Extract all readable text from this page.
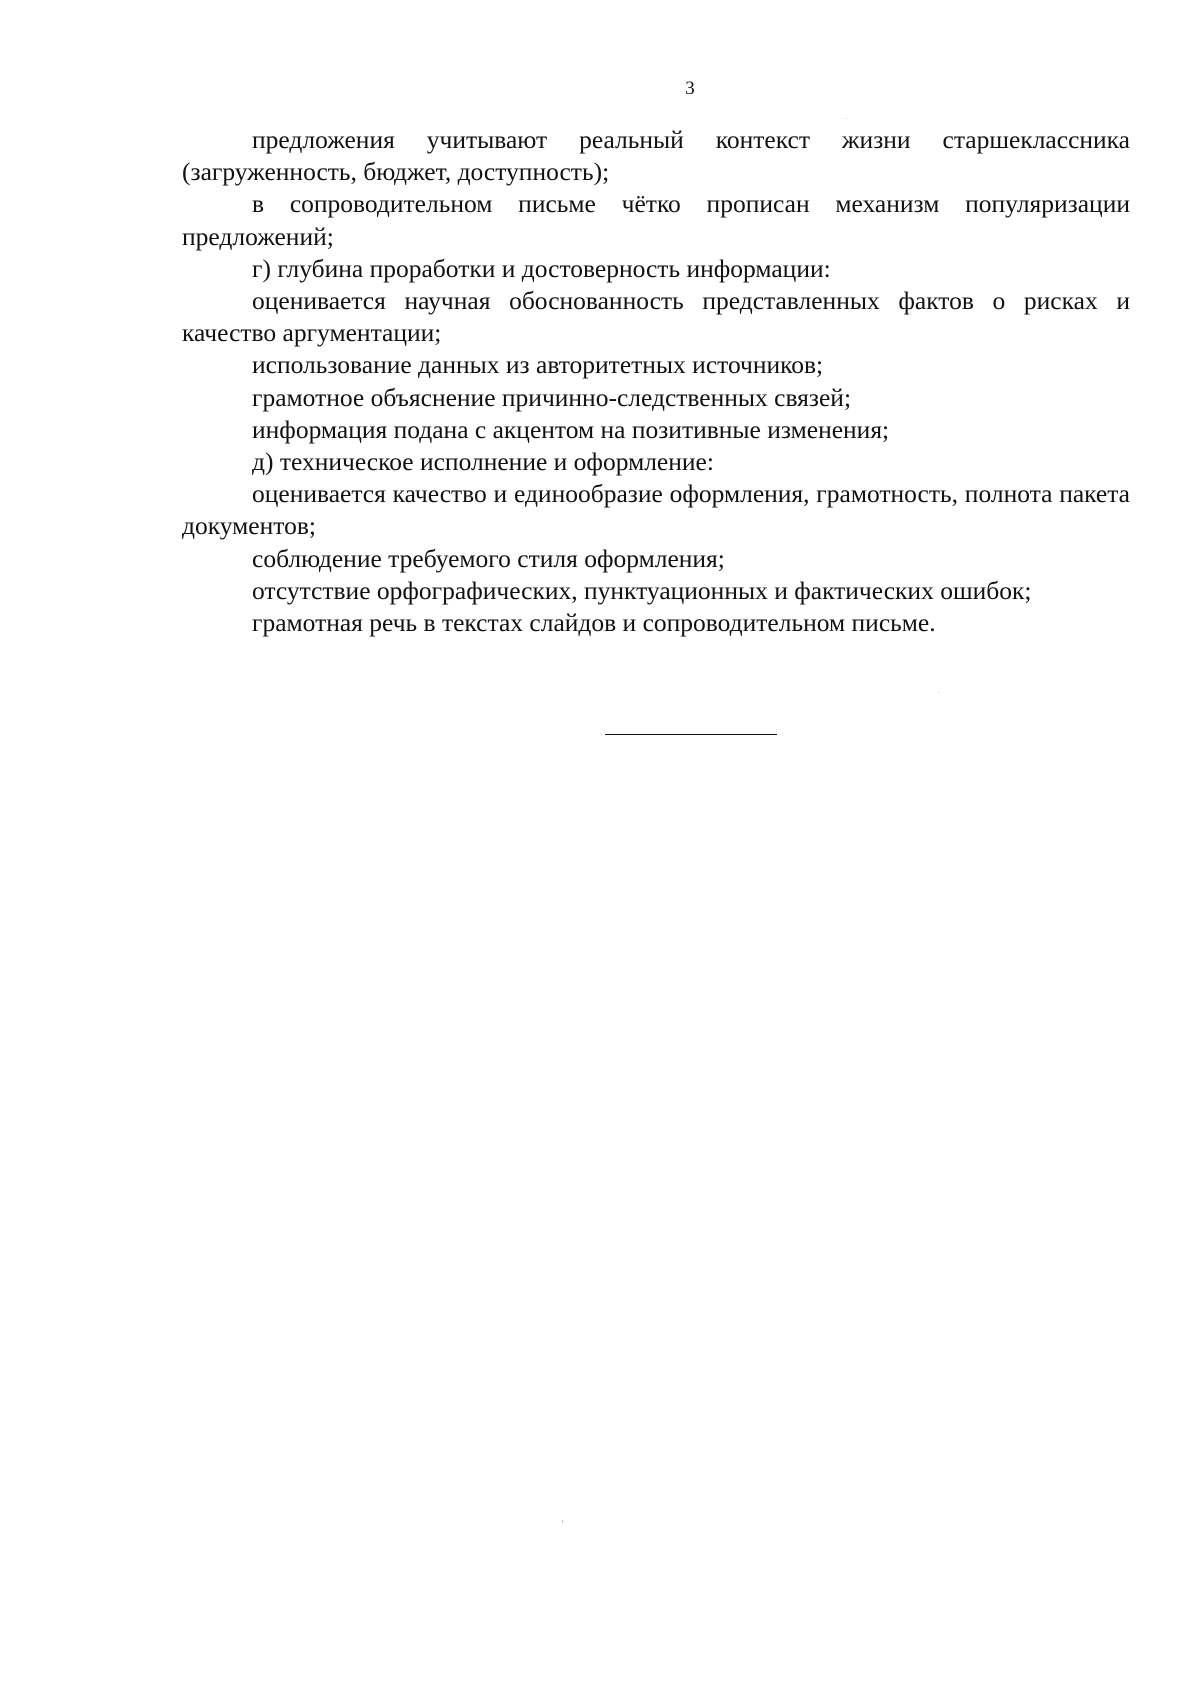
3

предложения учитывают реальный контекст жизни старшеклассника (загруженность, бюджет, доступность);

в сопроводительном письме чётко прописан механизм популяризации предложений;

г) глубина проработки и достоверность информации:

оценивается научная обоснованность представленных фактов о рисках и качество аргументации;

использование данных из авторитетных источников;

грамотное объяснение причинно-следственных связей;

информация подана с акцентом на позитивные изменения;

д) техническое исполнение и оформление:

оценивается качество и единообразие оформления, грамотность, полнота пакета документов;

соблюдение требуемого стиля оформления;

отсутствие орфографических, пунктуационных и фактических ошибок;

грамотная речь в текстах слайдов и сопроводительном письме.
